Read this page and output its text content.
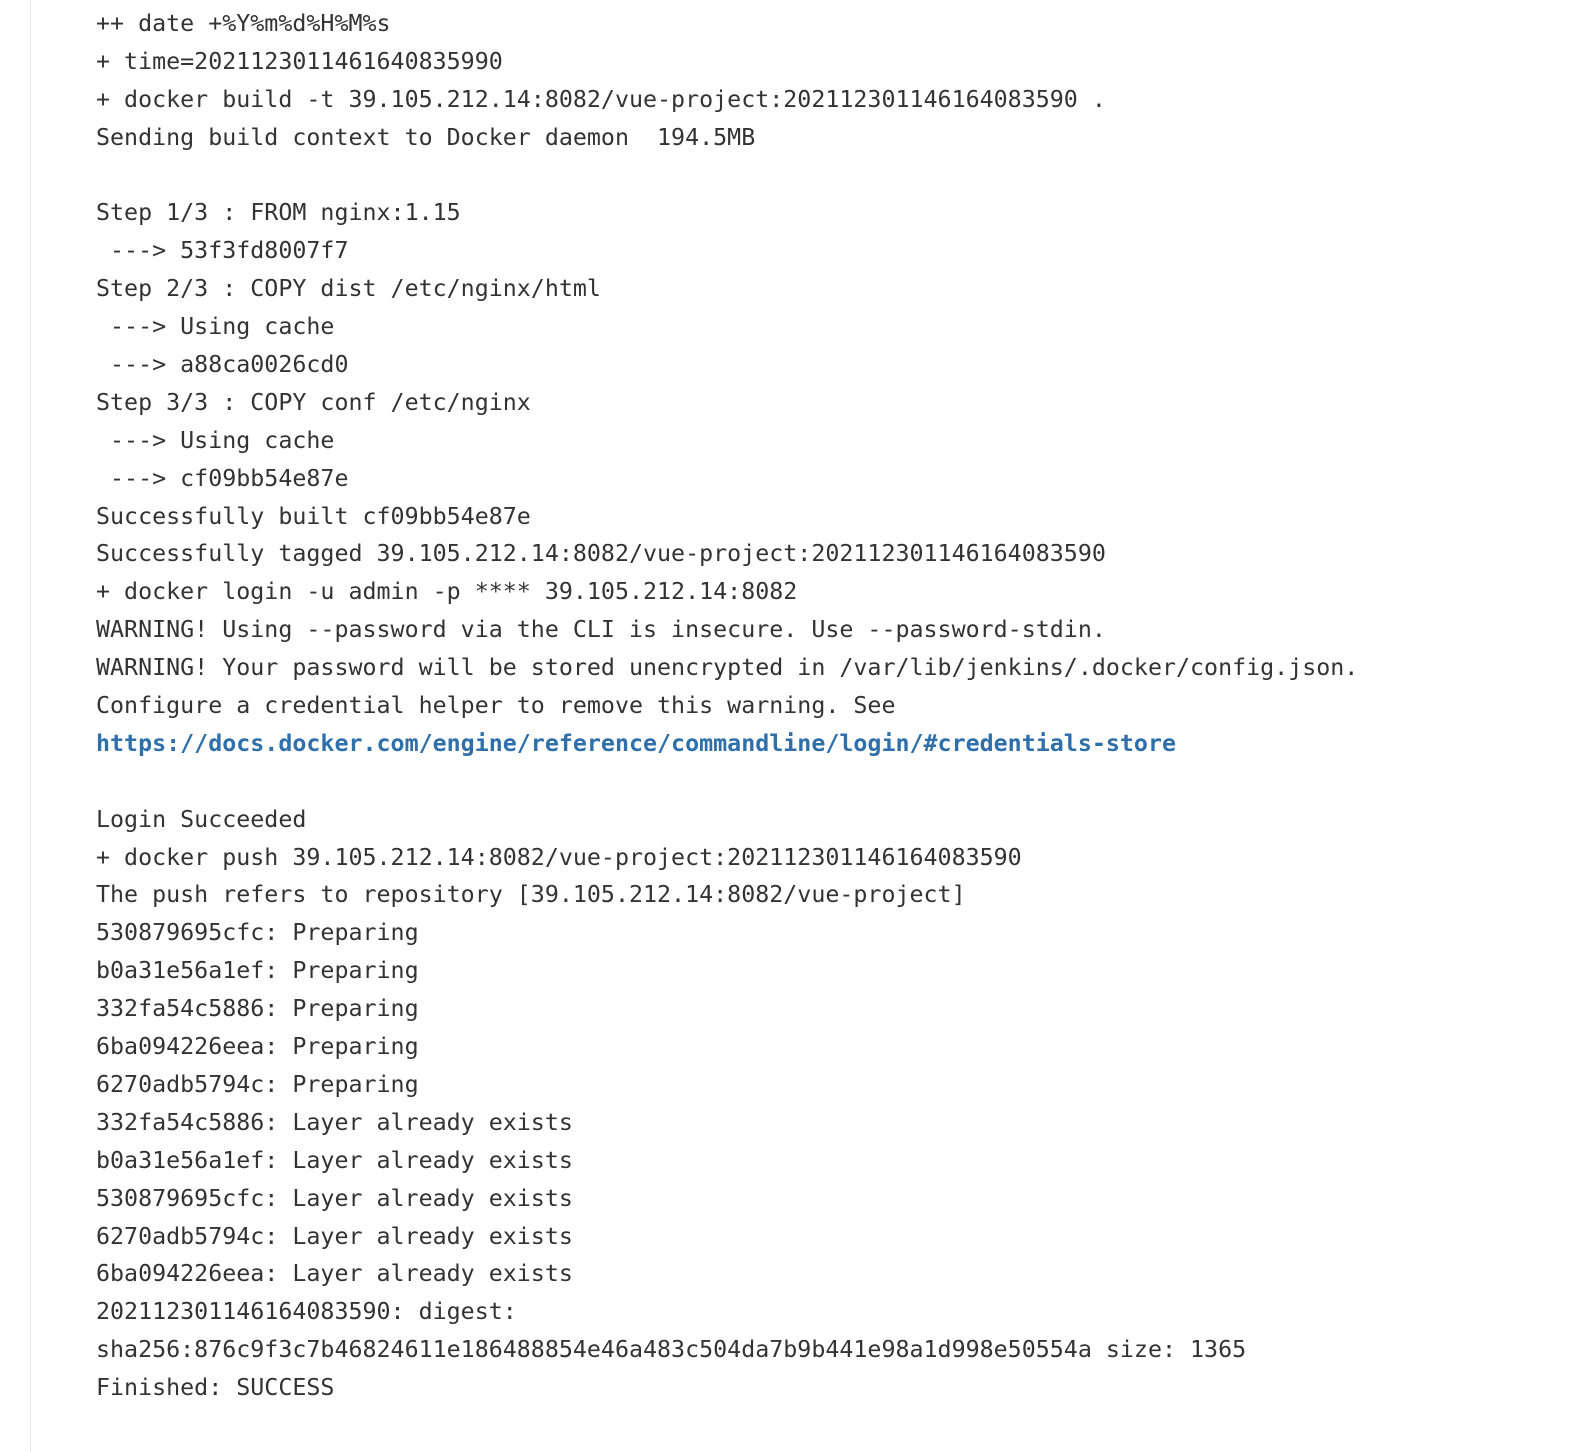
++ date +%Y%m%d%H%M%s
+ time=2021123011461640835990
+ docker build -t 39.105.212.14:8082/vue-project:202112301146164083590 .
Sending build context to Docker daemon  194.5MB
Step 1/3 : FROM nginx:1.15
---> 53f3fd8007f7
Step 2/3 : COPY dist /etc/nginx/html
---> Using cache
---> a88ca0026cd0
Step 3/3 : COPY conf /etc/nginx
---> Using cache
---> cf09bb54e87e
Successfully built cf09bb54e87e
Successfully tagged 39.105.212.14:8082/vue-project:202112301146164083590
+ docker login -u admin -p **** 39.105.212.14:8082
WARNING! Using --password via the CLI is insecure. Use --password-stdin.
WARNING! Your password will be stored unencrypted in /var/lib/jenkins/.docker/config.json.
Configure a credential helper to remove this warning. See
https://docs.docker.com/engine/reference/commandline/login/#credentials-store
Login Succeeded
+ docker push 39.105.212.14:8082/vue-project:202112301146164083590
The push refers to repository [39.105.212.14:8082/vue-project]
530879695cfc: Preparing
b0a31e56a1ef: Preparing
332fa54c5886: Preparing
6ba094226eea: Preparing
6270adb5794c: Preparing
332fa54c5886: Layer already exists
b0a31e56a1ef: Layer already exists
530879695cfc: Layer already exists
6270adb5794c: Layer already exists
6ba094226eea: Layer already exists
202112301146164083590: digest:
sha256:876c9f3c7b46824611e186488854e46a483c504da7b9b441e98a1d998e50554a size: 1365
Finished: SUCCESS
